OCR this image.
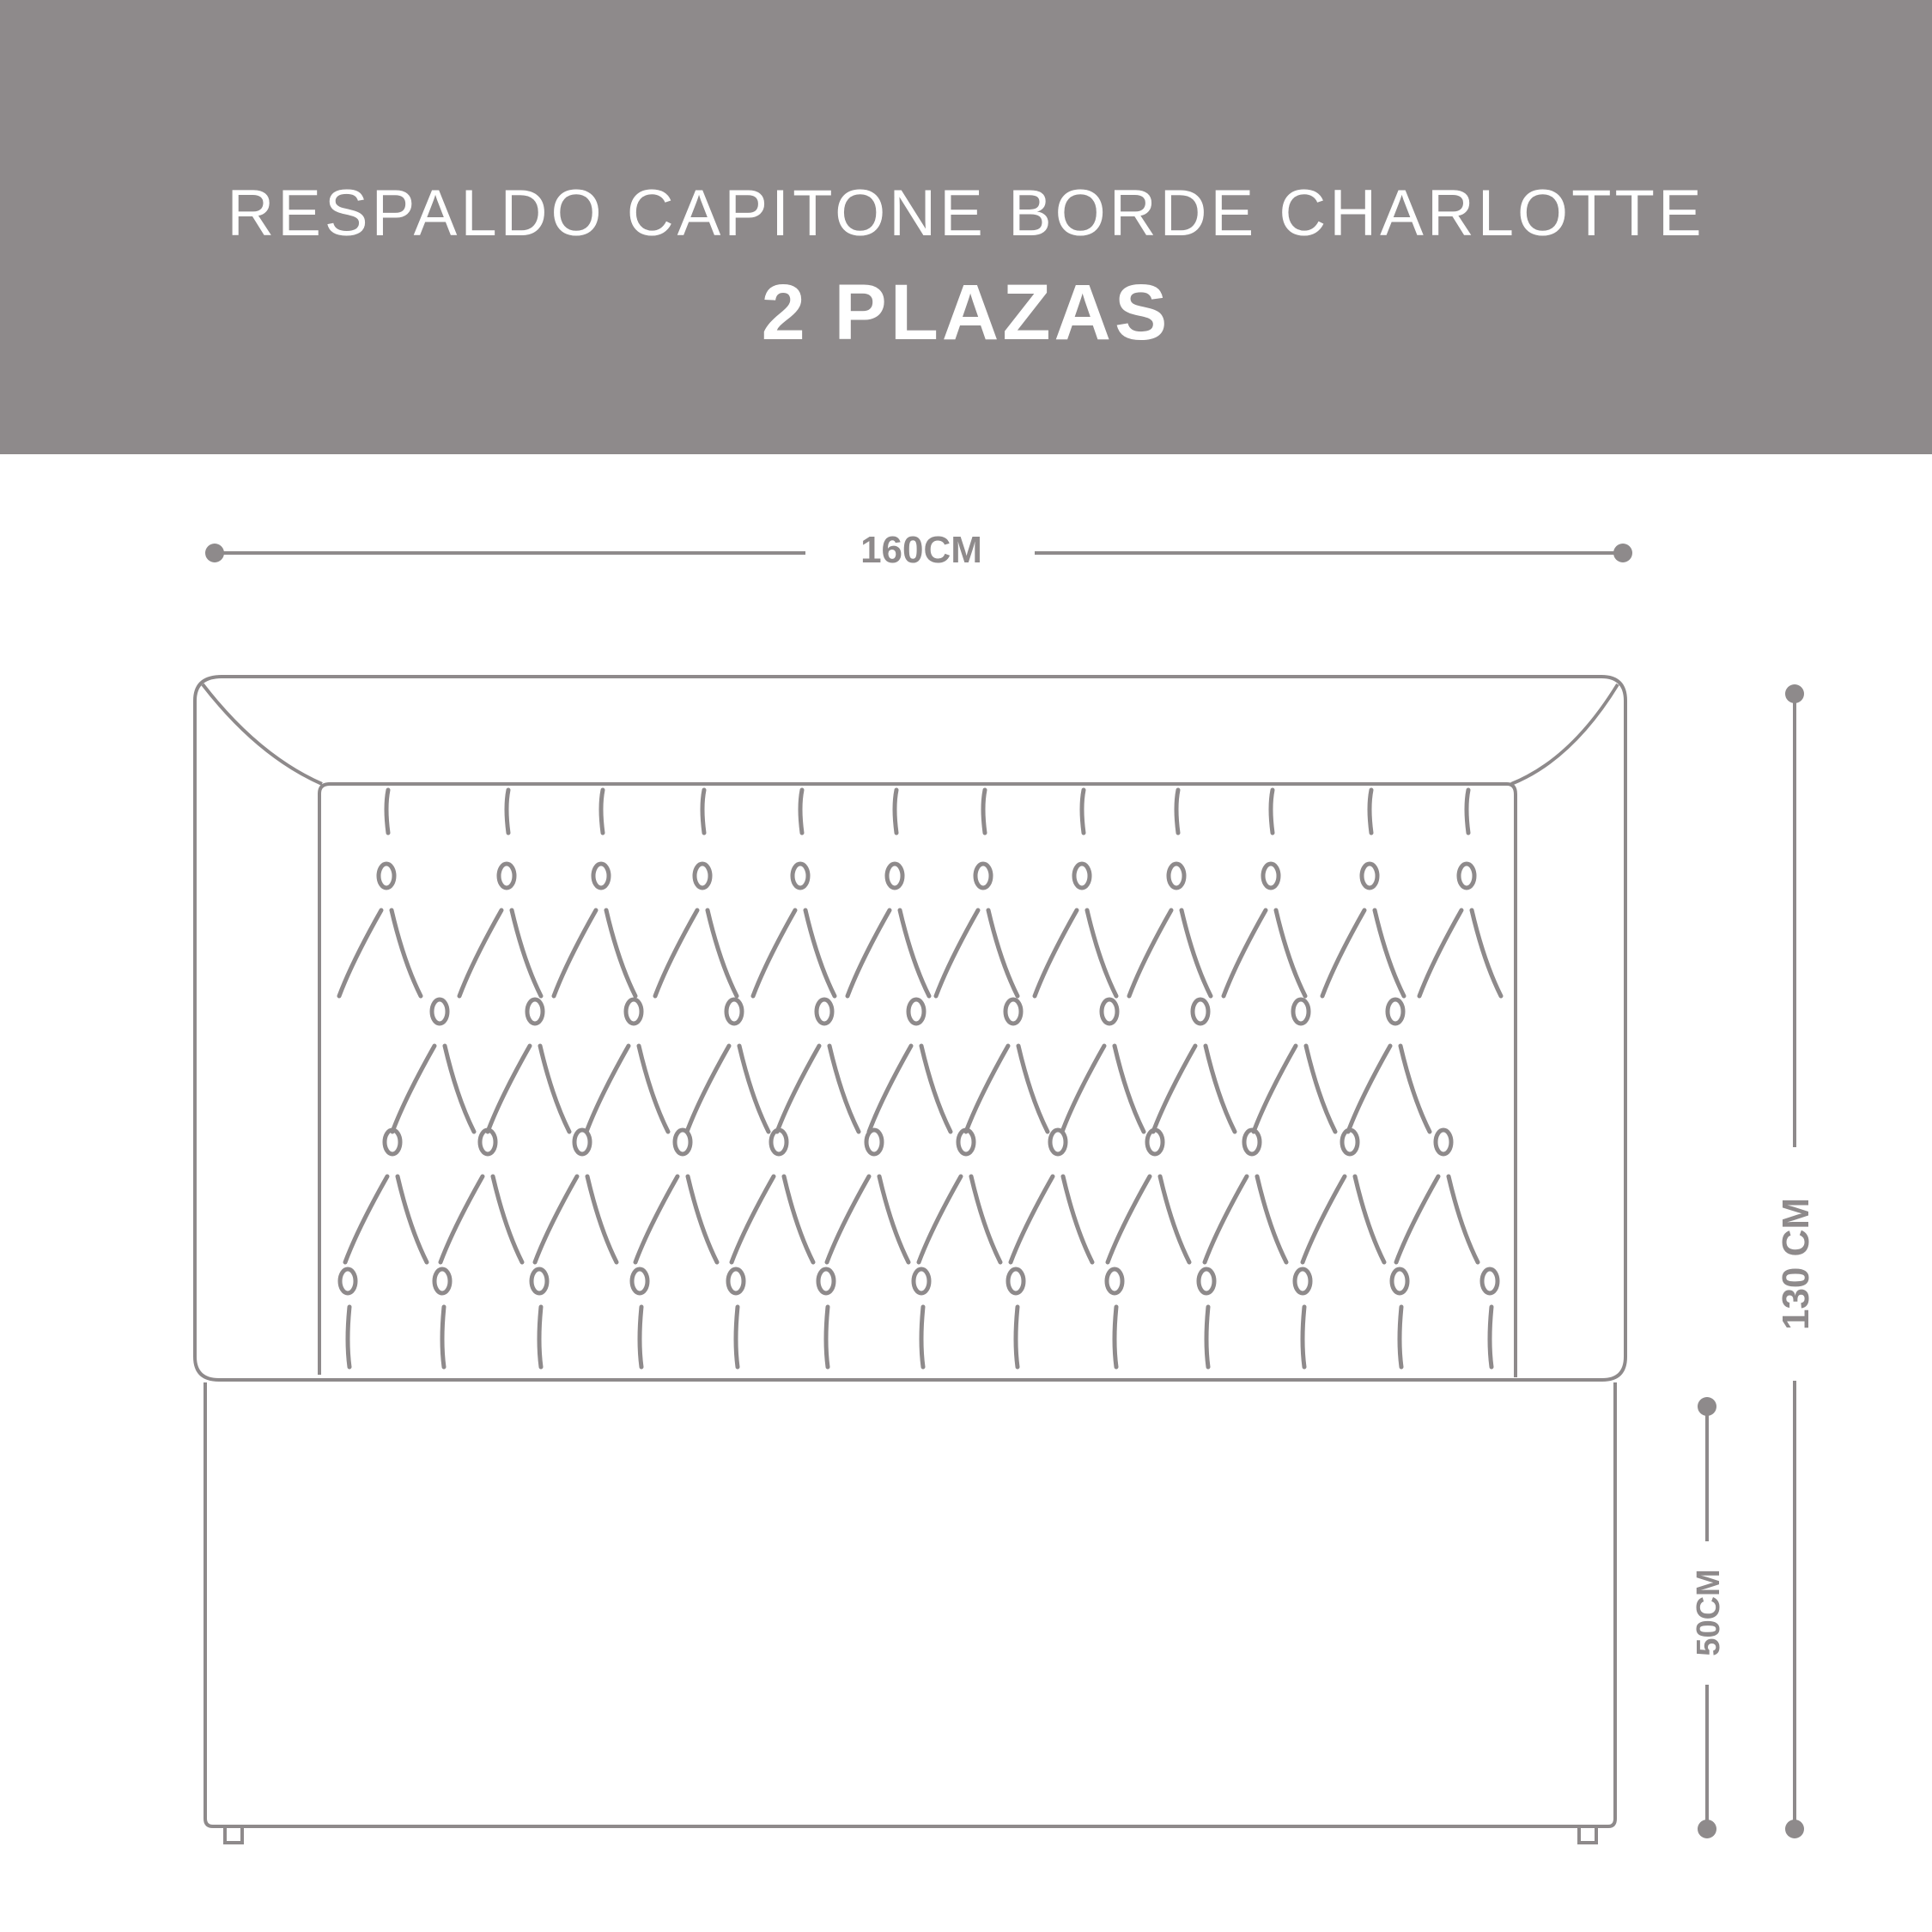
RESPALDO CAPITONE BORDE CHARLOTTE
2 PLAZAS
160CM
130 CM
50CM
